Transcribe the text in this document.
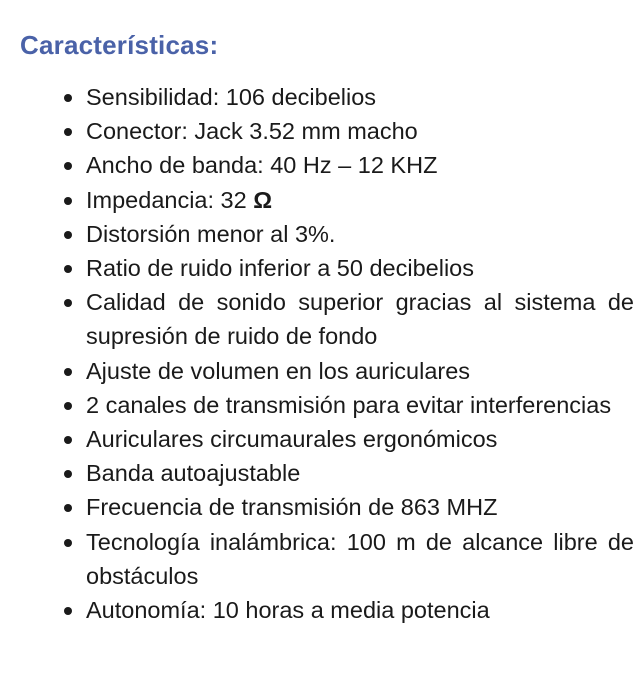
Características:
Sensibilidad: 106 decibelios
Conector: Jack 3.52 mm macho
Ancho de banda: 40 Hz – 12 KHZ
Impedancia: 32 Ω
Distorsión menor al 3%.
Ratio de ruido inferior a 50 decibelios
Calidad de sonido superior gracias al sistema de supresión de ruido de fondo
Ajuste de volumen en los auriculares
2 canales de transmisión para evitar interferencias
Auriculares circumaurales ergonómicos
Banda autoajustable
Frecuencia de transmisión de 863 MHZ
Tecnología inalámbrica: 100 m de alcance libre de obstáculos
Autonomía: 10 horas a media potencia
